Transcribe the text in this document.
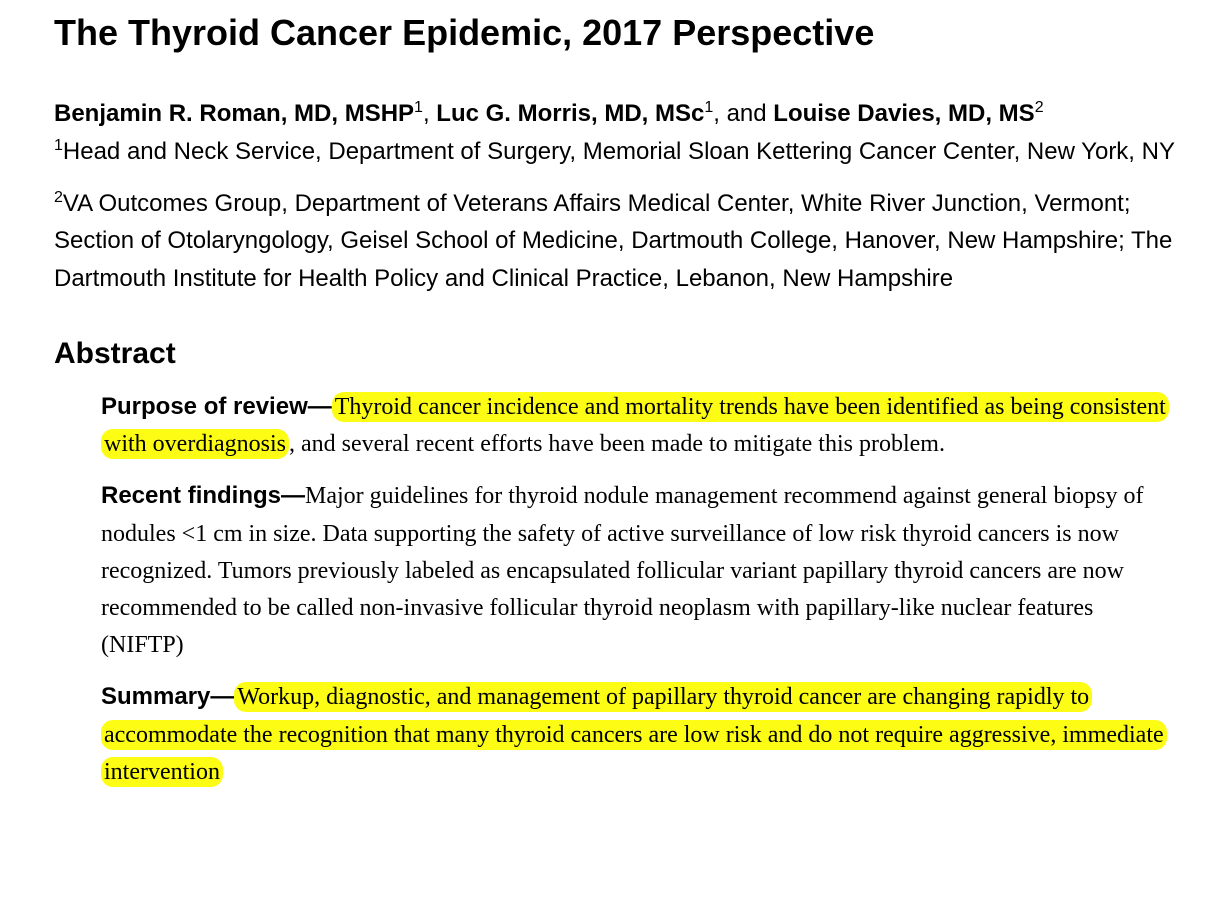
The Thyroid Cancer Epidemic, 2017 Perspective

Benjamin R. Roman, MD, MSHP$^1$, Luc G. Morris, MD, MSc$^1$, and Louise Davies, MD, $MS^2$

$^1$Head and Neck Service, Department of Surgery, Memorial Sloan Kettering Cancer Center, New York, NY

$^2$VA Outcomes Group, Department of Veterans Affairs Medical Center, White River Junction, Vermont; Section of Otolaryngology, Geisel School of Medicine, Dartmouth College, Hanover, New Hampshire; The Dartmouth Institute for Health Policy and Clinical Practice, Lebanon, New Hampshire

Abstract

Purpose of review— Thyroid cancer incidence and mortality trends have been identified as being consistent with overdiagnosis , and several recent efforts have been made to mitigate this problem.

Recent findings—Major guidelines for thyroid nodule management recommend against general biopsy of nodules <1 cm in size. Data supporting the safety of active surveillance of low risk thyroid cancers is now recognized. Tumors previously labeled as encapsulated follicular variant papillary thyroid cancers are now recommended to be called non-invasive follicular thyroid neoplasm with papillary-like nuclear features (NIFTP)

Summary— Workup, diagnostic, and management of papillary thyroid cancer are changing rapidly to accommodate the recognition that many thyroid cancers are low risk and do not require aggressive, immediate intervention
